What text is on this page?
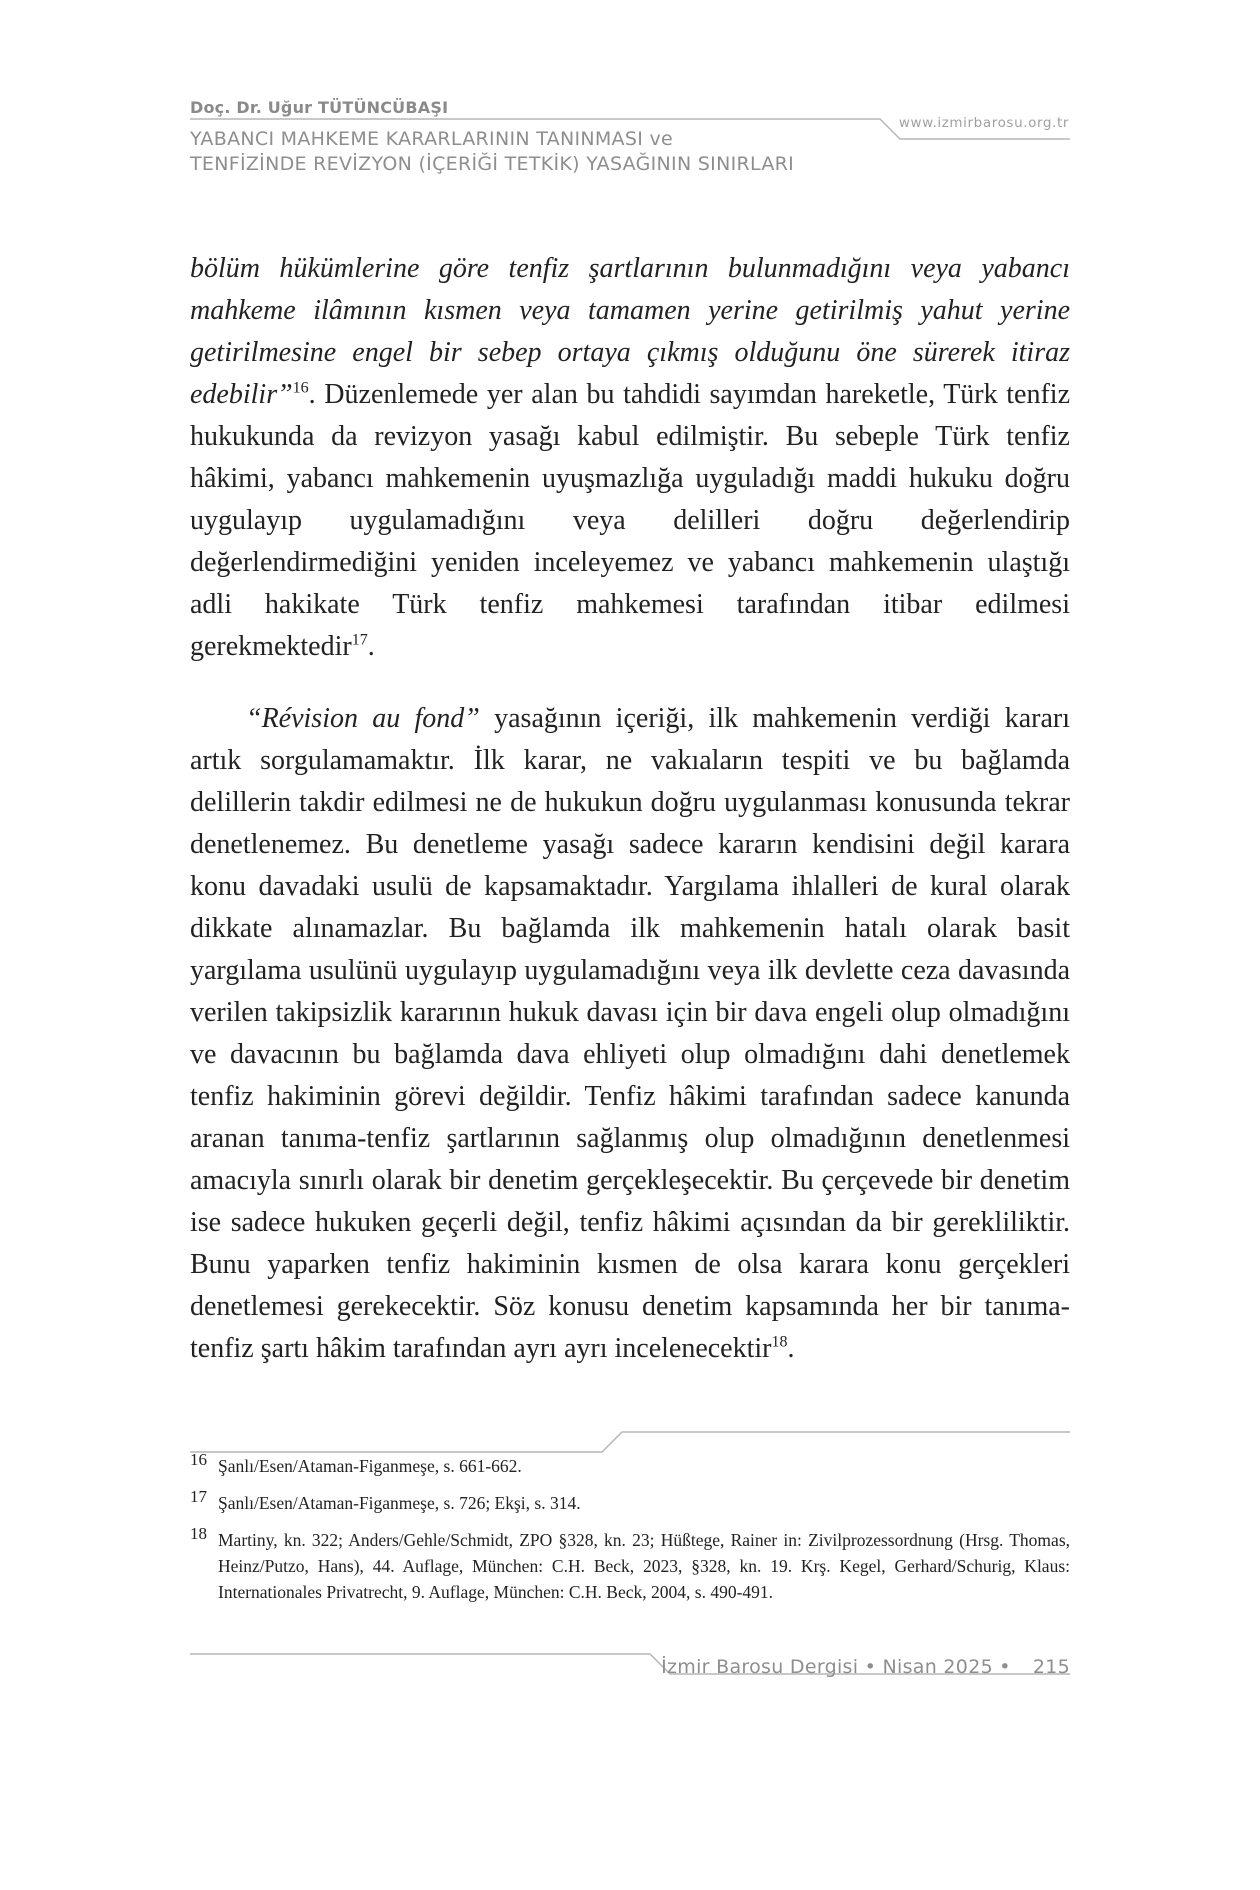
Doç. Dr. Uğur TÜTÜNCÜBAŞI
www.izmirbarosu.org.tr
YABANCI MAHKEME KARARLARININ TANINMASI ve
TENFİZİNDE REVİZYON (İÇERİĞİ TETKİK) YASAĞININ SINIRLARI

bölüm hükümlerine göre tenfiz şartlarının bulunmadığını veya yabancı mahkeme ilâmının kısmen veya tamamen yerine getirilmiş yahut yerine getirilmesine engel bir sebep ortaya çıkmış olduğunu öne sürerek itiraz edebilir”$^{16}$. Düzenlemede yer alan bu tahdidi sayımdan hareketle, Türk tenfiz hukukunda da revizyon yasağı kabul edilmiştir. Bu sebeple Türk tenfiz hâkimi, yabancı mahkemenin uyuşmazlığa uyguladığı maddi hukuku doğru uygulayıp uygulamadığını veya delilleri doğru değerlendirip değerlendirmediğini yeniden inceleyemez ve yabancı mahkemenin ulaştığı adli hakikate Türk tenfiz mahkemesi tarafından itibar edilmesi gerekmektedir$^{17}$.

“Révision au fond” yasağının içeriği, ilk mahkemenin verdiği kararı artık sorgulamamaktır. İlk karar, ne vakıaların tespiti ve bu bağlamda delillerin takdir edilmesi ne de hukukun doğru uygulanması konusunda tekrar denetlenemez. Bu denetleme yasağı sadece kararın kendisini değil karara konu davadaki usulü de kapsamaktadır. Yargılama ihlalleri de kural olarak dikkate alınamazlar. Bu bağlamda ilk mahkemenin hatalı olarak basit yargılama usulünü uygulayıp uygulamadığını veya ilk devlette ceza davasında verilen takipsizlik kararının hukuk davası için bir dava engeli olup olmadığını ve davacının bu bağlamda dava ehliyeti olup olmadığını dahi denetlemek tenfiz hakiminin görevi değildir. Tenfiz hâkimi tarafından sadece kanunda aranan tanıma-tenfiz şartlarının sağlanmış olup olmadığının denetlenmesi amacıyla sınırlı olarak bir denetim gerçekleşecektir. Bu çerçevede bir denetim ise sadece hukuken geçerli değil, tenfiz hâkimi açısından da bir gerekliliktir. Bunu yaparken tenfiz hakiminin kısmen de olsa karara konu gerçekleri denetlemesi gerekecektir. Söz konusu denetim kapsamında her bir tanıma-tenfiz şartı hâkim tarafından ayrı ayrı incelenecektir$^{18}$.

16 Şanlı/Esen/Ataman-Figanmeşe, s. 661-662.
17 Şanlı/Esen/Ataman-Figanmeşe, s. 726; Ekşi, s. 314.
18 Martiny, kn. 322; Anders/Gehle/Schmidt, ZPO §328, kn. 23; Hüßtege, Rainer in: Zivilprozessordnung (Hrsg. Thomas, Heinz/Putzo, Hans), 44. Auflage, München: C.H. Beck, 2023, §328, kn. 19. Krş. Kegel, Gerhard/Schurig, Klaus: Internationales Privatrecht, 9. Auflage, München: C.H. Beck, 2004, s. 490-491.
İzmir Barosu Dergisi • Nisan 2025 • 215
